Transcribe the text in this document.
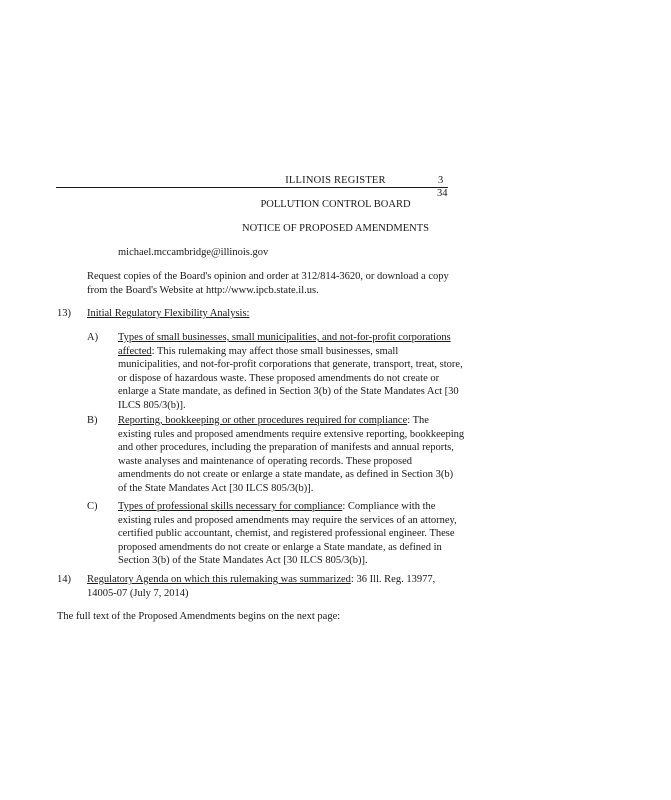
ILLINOIS REGISTER	3
34
POLLUTION CONTROL BOARD
NOTICE OF PROPOSED AMENDMENTS
michael.mccambridge@illinois.gov

Request copies of the Board's opinion and order at 312/814-3620, or download a copy

from the Board's Website at http://www.ipcb.state.il.us.

13) Initial Regulatory Flexibility Analysis:
A) Types of small businesses, small municipalities, and not-for-profit corporations

affected: This rulemaking may affect those small businesses, small

municipalities, and not-for-profit corporations that generate, transport, treat, store,

or dispose of hazardous waste. These proposed amendments do not create or

enlarge a State mandate, as defined in Section 3(b) of the State Mandates Act [30

ILCS 805/3(b)].

B) Reporting, bookkeeping or other procedures required for compliance: The

existing rules and proposed amendments require extensive reporting, bookkeeping

and other procedures, including the preparation of manifests and annual reports,

waste analyses and maintenance of operating records. These proposed

amendments do not create or enlarge a state mandate, as defined in Section 3(b)

of the State Mandates Act [30 ILCS 805/3(b)].

C) Types of professional skills necessary for compliance: Compliance with the

existing rules and proposed amendments may require the services of an attorney,

certified public accountant, chemist, and registered professional engineer. These

proposed amendments do not create or enlarge a State mandate, as defined in

Section 3(b) of the State Mandates Act [30 ILCS 805/3(b)].

14) Regulatory Agenda on which this rulemaking was summarized: 36 Ill. Reg. 13977,

14005-07 (July 7, 2014)

The full text of the Proposed Amendments begins on the next page:
